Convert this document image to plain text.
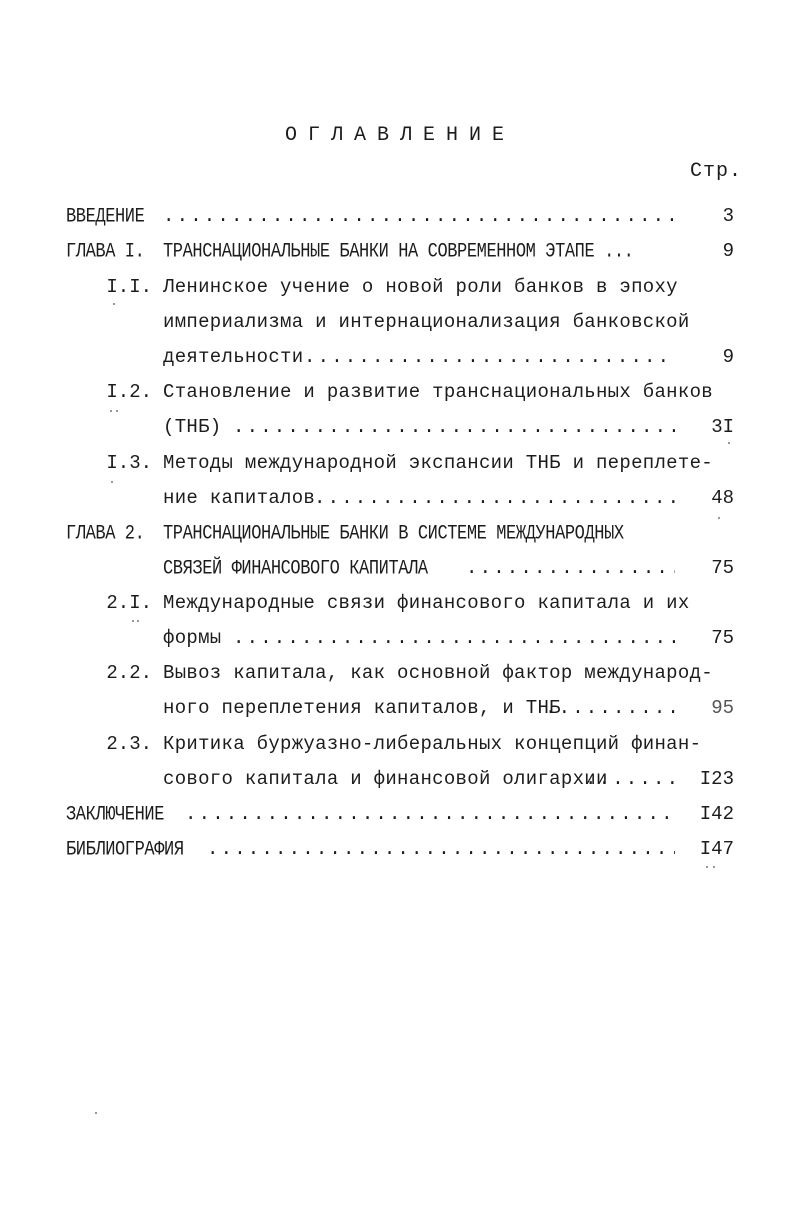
ОГЛАВЛЕНИЕ
Стр.
ВВЕДЕНИЕ .....	3
ГЛАВА I. ТРАНСНАЦИОНАЛЬНЫЕ БАНКИ НА СОВРЕМЕННОМ ЭТАПЕ ...	9
I.I. Ленинское учение о новой роли банков в эпоху
империализма и интернационализация банковской
деятельности .....	9
I.2. Становление и развитие транснациональных банков
(ТНБ) .....	3I
I.3. Методы международной экспансии ТНБ и переплете-
ние капиталов .....	48
ГЛАВА 2. ТРАНСНАЦИОНАЛЬНЫЕ БАНКИ В СИСТЕМЕ МЕЖДУНАРОДНЫХ
СВЯЗЕЙ ФИНАНСОВОГО КАПИТАЛА .....	75
2.I. Международные связи финансового капитала и их
формы .....	75
2.2. Вывоз капитала, как основной фактор международ-
ного переплетения капиталов, и ТНБ .....	95
2.3. Критика буржуазно-либеральных концепций финан-
сового капитала и финансовой олигархии .....	I23
ЗАКЛЮЧЕНИЕ .....	I42
БИБЛИОГРАФИЯ .....	I47
